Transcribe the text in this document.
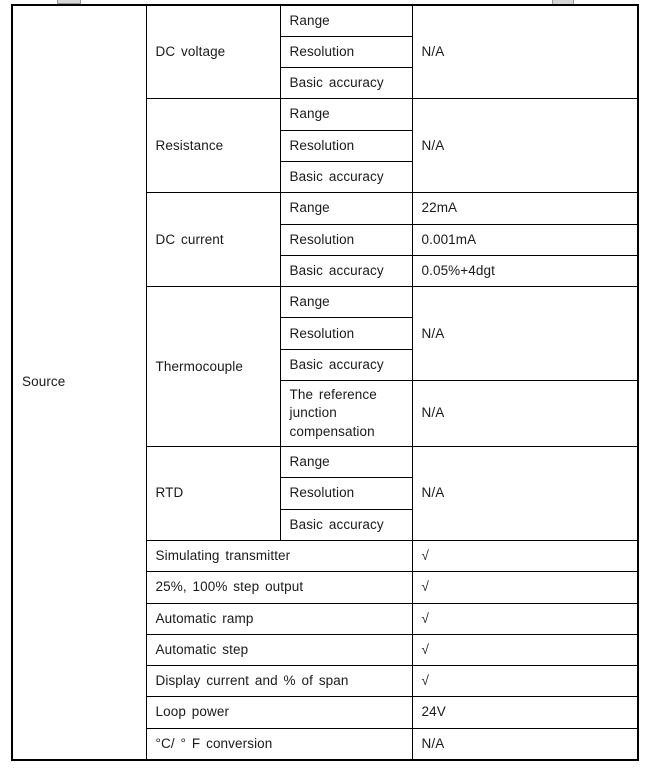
Source	DC voltage	Range	N/A
		Resolution	
		Basic accuracy	
	Resistance	Range	N/A
		Resolution	
		Basic accuracy	
	DC current	Range	22mA
		Resolution	0.001mA
		Basic accuracy	0.05%+4dgt
	Thermocouple	Range	N/A
		Resolution	
		Basic accuracy	
		The reference junction compensation	N/A
	RTD	Range	N/A
		Resolution	
		Basic accuracy	
	Simulating transmitter		√
	25%, 100% step output		√
	Automatic ramp		√
	Automatic step		√
	Display current and % of span		√
	Loop power		24V
	°C/ ° F conversion		N/A
